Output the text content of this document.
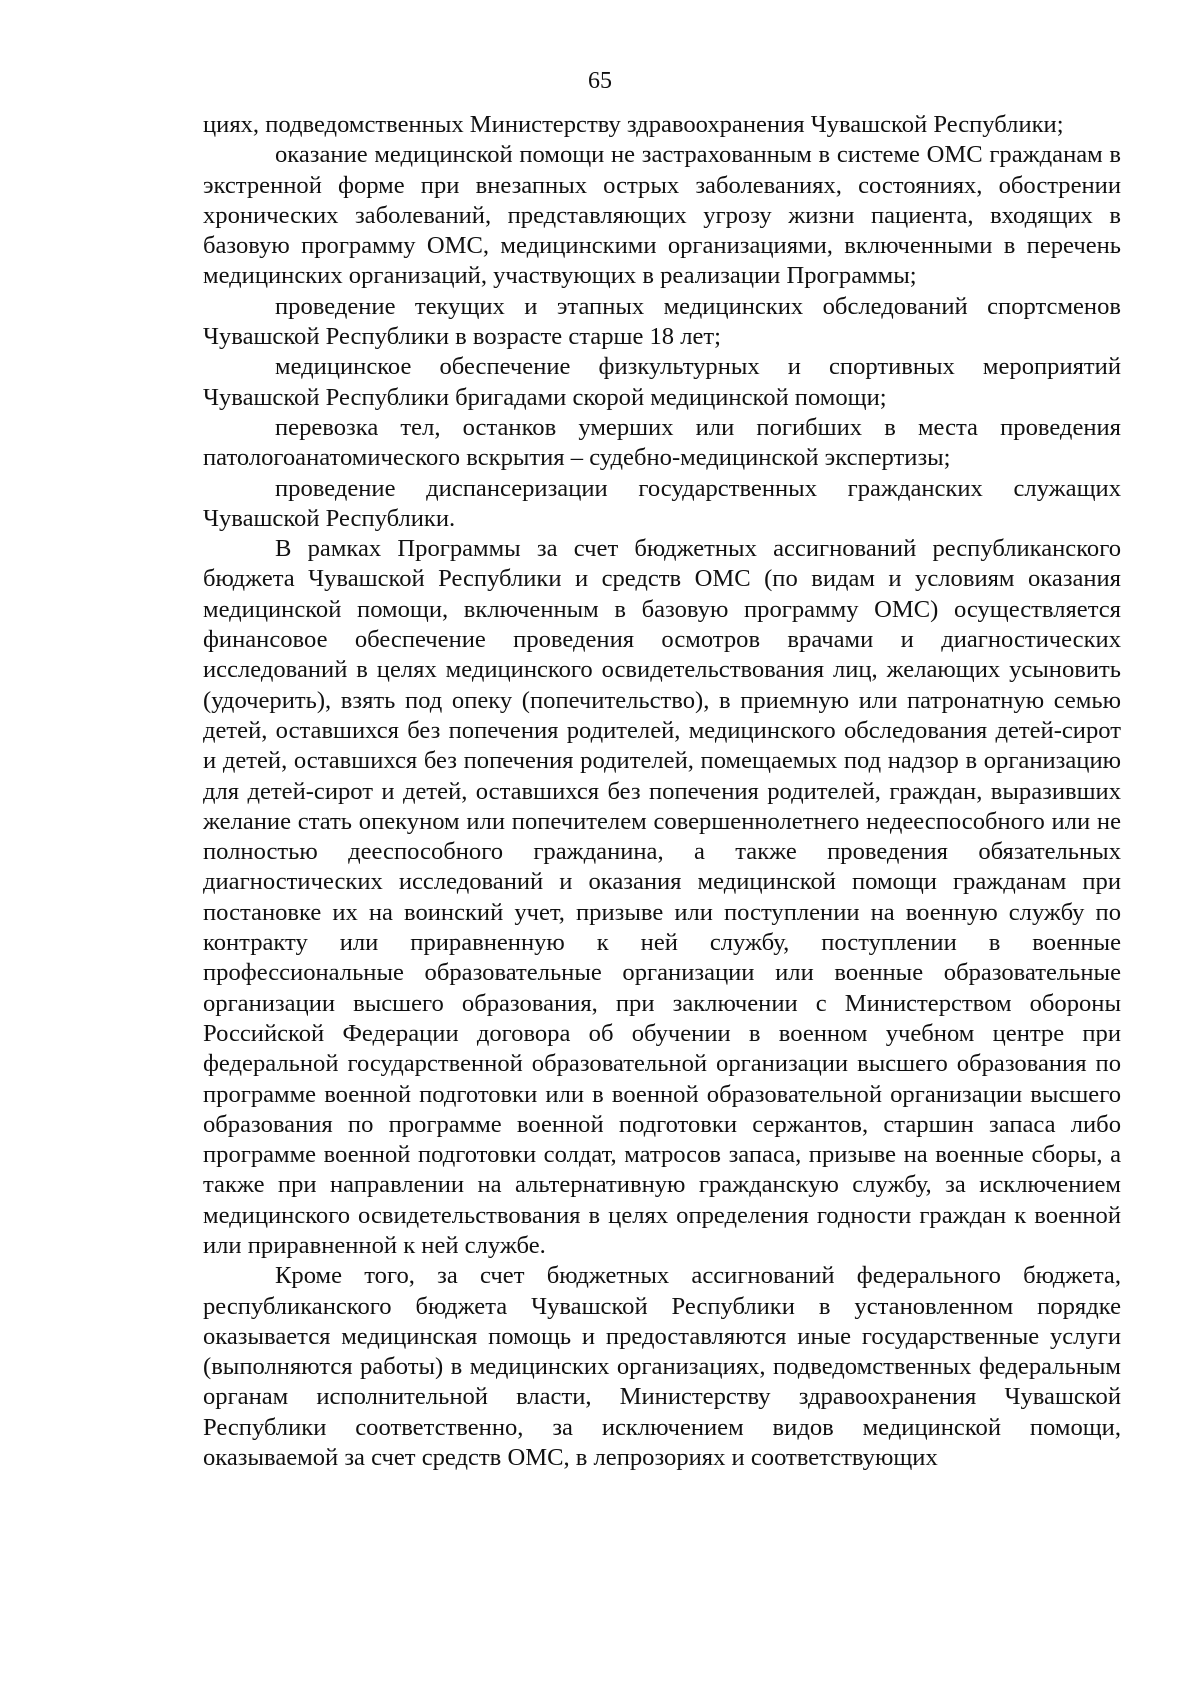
65

циях, подведомственных Министерству здравоохранения Чувашской Республики;

оказание медицинской помощи не застрахованным в системе ОМС гражданам в экстренной форме при внезапных острых заболеваниях, состояниях, обострении хронических заболеваний, представляющих угрозу жизни пациента, входящих в базовую программу ОМС, медицинскими организациями, включенными в перечень медицинских организаций, участвующих в реализации Программы;

проведение текущих и этапных медицинских обследований спортсменов Чувашской Республики в возрасте старше 18 лет;

медицинское обеспечение физкультурных и спортивных мероприятий Чувашской Республики бригадами скорой медицинской помощи;

перевозка тел, останков умерших или погибших в места проведения патологоанатомического вскрытия – судебно-медицинской экспертизы;

проведение диспансеризации государственных гражданских служащих Чувашской Республики.

В рамках Программы за счет бюджетных ассигнований республиканского бюджета Чувашской Республики и средств ОМС (по видам и условиям оказания медицинской помощи, включенным в базовую программу ОМС) осуществляется финансовое обеспечение проведения осмотров врачами и диагностических исследований в целях медицинского освидетельствования лиц, желающих усыновить (удочерить), взять под опеку (попечительство), в приемную или патронатную семью детей, оставшихся без попечения родителей, медицинского обследования детей-сирот и детей, оставшихся без попечения родителей, помещаемых под надзор в организацию для детей-сирот и детей, оставшихся без попечения родителей, граждан, выразивших желание стать опекуном или попечителем совершеннолетнего недееспособного или не полностью дееспособного гражданина, а также проведения обязательных диагностических исследований и оказания медицинской помощи гражданам при постановке их на воинский учет, призыве или поступлении на военную службу по контракту или приравненную к ней службу, поступлении в военные профессиональные образовательные организации или военные образовательные организации высшего образования, при заключении с Министерством обороны Российской Федерации договора об обучении в военном учебном центре при федеральной государственной образовательной организации высшего образования по программе военной подготовки или в военной образовательной организации высшего образования по программе военной подготовки сержантов, старшин запаса либо программе военной подготовки солдат, матросов запаса, призыве на военные сборы, а также при направлении на альтернативную гражданскую службу, за исключением медицинского освидетельствования в целях определения годности граждан к военной или приравненной к ней службе.

Кроме того, за счет бюджетных ассигнований федерального бюджета, республиканского бюджета Чувашской Республики в установленном порядке оказывается медицинская помощь и предоставляются иные государственные услуги (выполняются работы) в медицинских организациях, подведомственных федеральным органам исполнительной власти, Министерству здравоохранения Чувашской Республики соответственно, за исключением видов медицинской помощи, оказываемой за счет средств ОМС, в лепрозориях и соответствующих
